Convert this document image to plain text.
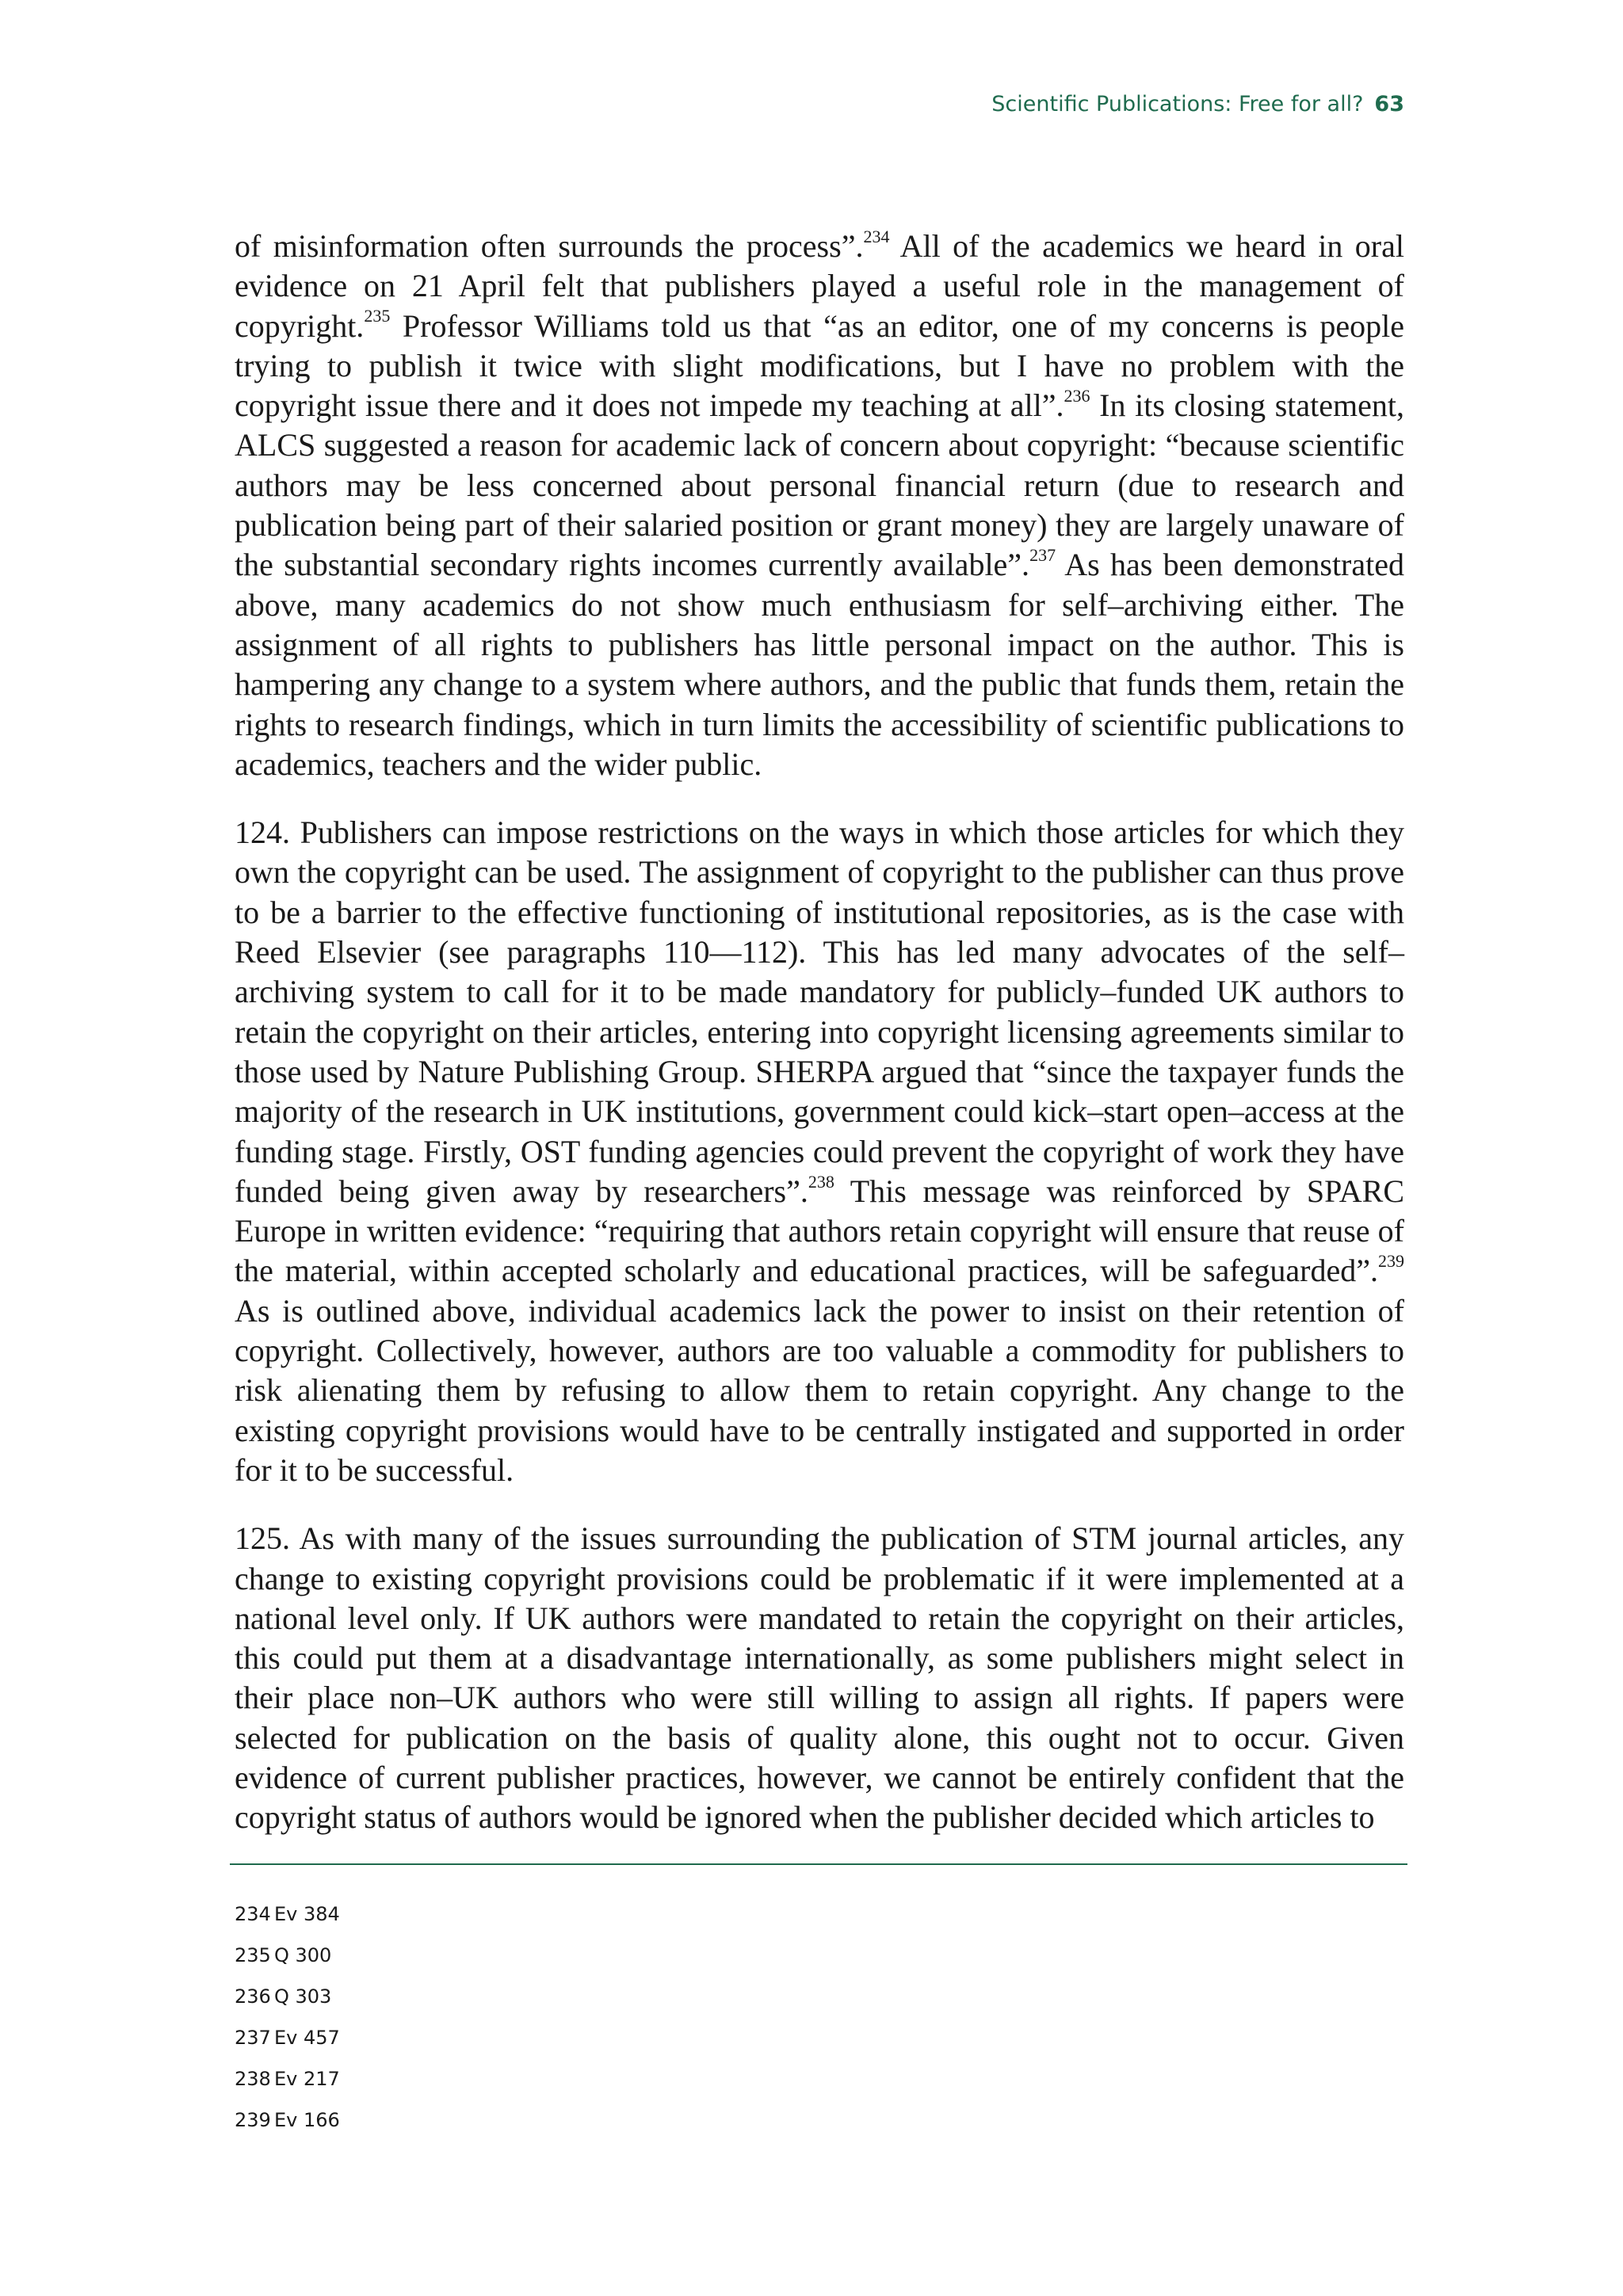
Scientific Publications: Free for all? 63

of misinformation often surrounds the process”.$^{234}$ All of the academics we heard in oral evidence on 21 April felt that publishers played a useful role in the management of copyright.$^{235}$ Professor Williams told us that “as an editor, one of my concerns is people trying to publish it twice with slight modifications, but I have no problem with the copyright issue there and it does not impede my teaching at all”.$^{236}$ In its closing statement, ALCS suggested a reason for academic lack of concern about copyright: “because scientific authors may be less concerned about personal financial return (due to research and publication being part of their salaried position or grant money) they are largely unaware of the substantial secondary rights incomes currently available”.$^{237}$ As has been demonstrated above, many academics do not show much enthusiasm for self–archiving either. The assignment of all rights to publishers has little personal impact on the author. This is hampering any change to a system where authors, and the public that funds them, retain the rights to research findings, which in turn limits the accessibility of scientific publications to academics, teachers and the wider public.

124. Publishers can impose restrictions on the ways in which those articles for which they own the copyright can be used. The assignment of copyright to the publisher can thus prove to be a barrier to the effective functioning of institutional repositories, as is the case with Reed Elsevier (see paragraphs 110—112). This has led many advocates of the self–archiving system to call for it to be made mandatory for publicly–funded UK authors to retain the copyright on their articles, entering into copyright licensing agreements similar to those used by Nature Publishing Group. SHERPA argued that “since the taxpayer funds the majority of the research in UK institutions, government could kick–start open–access at the funding stage. Firstly, OST funding agencies could prevent the copyright of work they have funded being given away by researchers”.$^{238}$ This message was reinforced by SPARC Europe in written evidence: “requiring that authors retain copyright will ensure that reuse of the material, within accepted scholarly and educational practices, will be safeguarded”.$^{239}$ As is outlined above, individual academics lack the power to insist on their retention of copyright. Collectively, however, authors are too valuable a commodity for publishers to risk alienating them by refusing to allow them to retain copyright. Any change to the existing copyright provisions would have to be centrally instigated and supported in order for it to be successful.

125. As with many of the issues surrounding the publication of STM journal articles, any change to existing copyright provisions could be problematic if it were implemented at a national level only. If UK authors were mandated to retain the copyright on their articles, this could put them at a disadvantage internationally, as some publishers might select in their place non–UK authors who were still willing to assign all rights. If papers were selected for publication on the basis of quality alone, this ought not to occur. Given evidence of current publisher practices, however, we cannot be entirely confident that the copyright status of authors would be ignored when the publisher decided which articles to

234 Ev 384
235 Q 300
236 Q 303
237 Ev 457
238 Ev 217
239 Ev 166
